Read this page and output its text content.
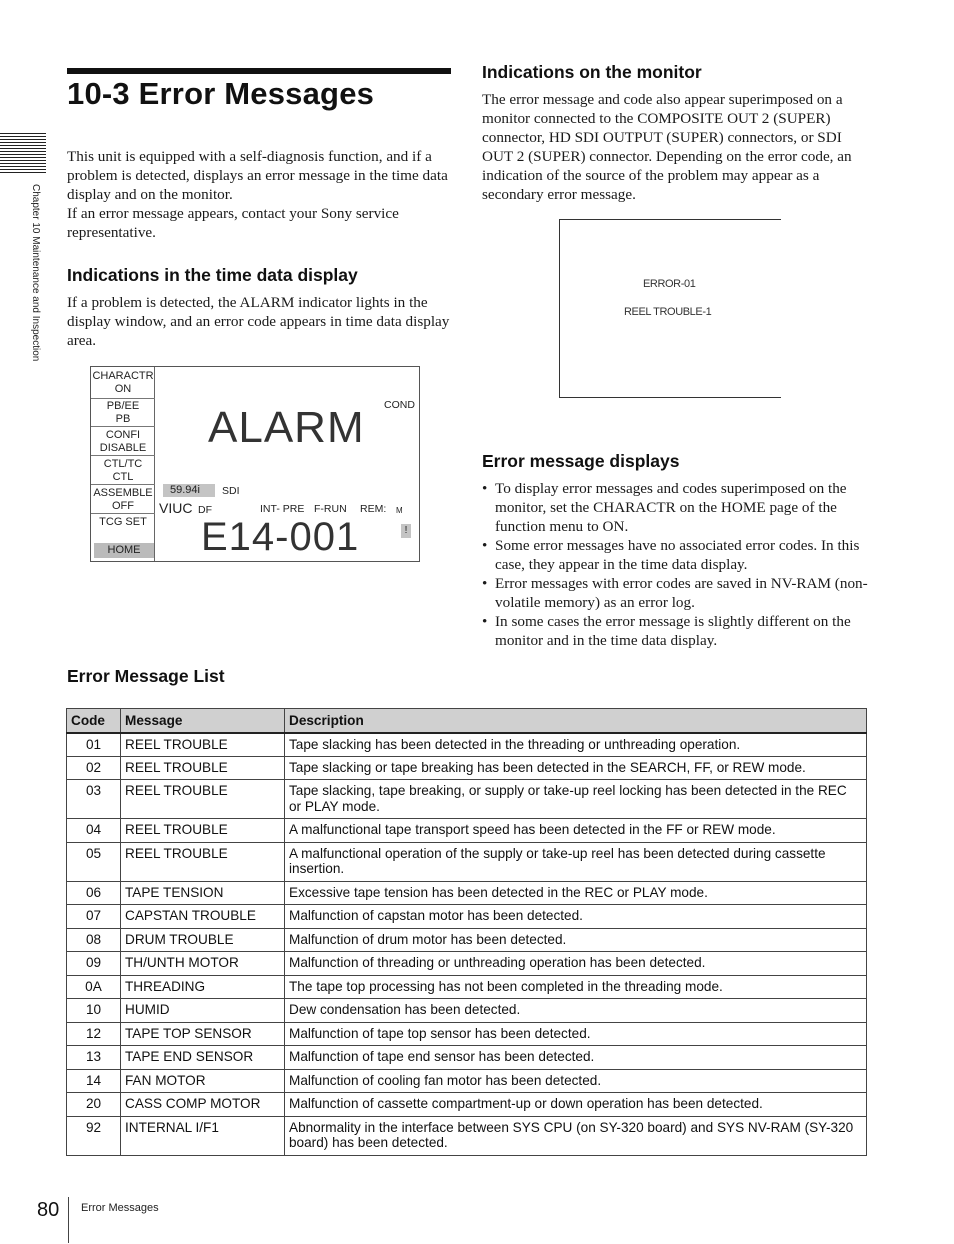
Chapter 10 Maintenance and Inspection
10-3 Error Messages
This unit is equipped with a self-diagnosis function, and if a problem is detected, displays an error message in the time data display and on the monitor.
If an error message appears, contact your Sony service representative.
Indications in the time data display
If a problem is detected, the ALARM indicator lights in the display window, and an error code appears in time data display area.
CHARACTR
ON
PB/EE
PB
CONFI
DISABLE
CTL/TC
CTL
ASSEMBLE
OFF
TCG SET
HOME
ALARM COND
59.94i	SDI
VIUC DF	INT- PRE F-RUN REM: M
E14-001	!
Indications on the monitor
The error message and code also appear superimposed on a monitor connected to the COMPOSITE OUT 2 (SUPER) connector, HD SDI OUTPUT (SUPER) connectors, or SDI OUT 2 (SUPER) connector. Depending on the error code, an indication of the source of the problem may appear as a secondary error message.
ERROR-01
REEL TROUBLE-1
Error message displays
• To display error messages and codes superimposed on the monitor, set the CHARACTR on the HOME page of the function menu to ON.
• Some error messages have no associated error codes. In this case, they appear in the time data display.
• Error messages with error codes are saved in NV-RAM (non-volatile memory) as an error log.
• In some cases the error message is slightly different on the monitor and in the time data display.
Error Message List
Code	Message	Description
01	REEL TROUBLE	Tape slacking has been detected in the threading or unthreading operation.
02	REEL TROUBLE	Tape slacking or tape breaking has been detected in the SEARCH, FF, or REW mode.
03	REEL TROUBLE	Tape slacking, tape breaking, or supply or take-up reel locking has been detected in the REC or PLAY mode.
04	REEL TROUBLE	A malfunctional tape transport speed has been detected in the FF or REW mode.
05	REEL TROUBLE	A malfunctional operation of the supply or take-up reel has been detected during cassette insertion.
06	TAPE TENSION	Excessive tape tension has been detected in the REC or PLAY mode.
07	CAPSTAN TROUBLE	Malfunction of capstan motor has been detected.
08	DRUM TROUBLE	Malfunction of drum motor has been detected.
09	TH/UNTH MOTOR	Malfunction of threading or unthreading operation has been detected.
0A	THREADING	The tape top processing has not been completed in the threading mode.
10	HUMID	Dew condensation has been detected.
12	TAPE TOP SENSOR	Malfunction of tape top sensor has been detected.
13	TAPE END SENSOR	Malfunction of tape end sensor has been detected.
14	FAN MOTOR	Malfunction of cooling fan motor has been detected.
20	CASS COMP MOTOR	Malfunction of cassette compartment-up or down operation has been detected.
92	INTERNAL I/F1	Abnormality in the interface between SYS CPU (on SY-320 board) and SYS NV-RAM (SY-320 board) has been detected.
80 Error Messages
